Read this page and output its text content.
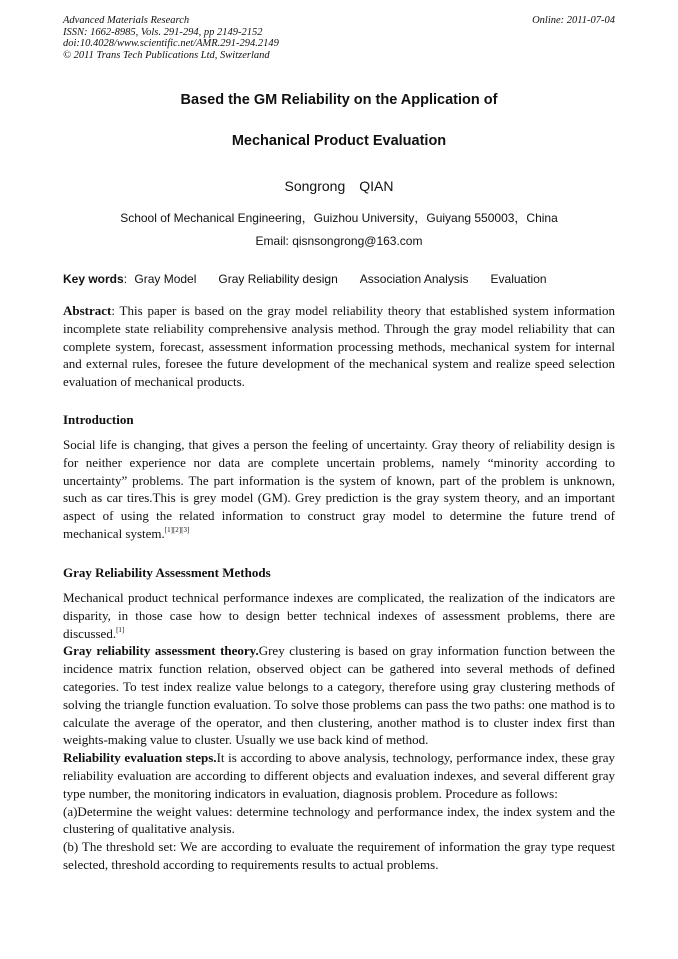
Advanced Materials Research
ISSN: 1662-8985, Vols. 291-294, pp 2149-2152
doi:10.4028/www.scientific.net/AMR.291-294.2149
© 2011 Trans Tech Publications Ltd, Switzerland
Online: 2011-07-04
Based the GM Reliability on the Application of
Mechanical Product Evaluation
Songrong　QIAN
School of Mechanical Engineering，Guizhou University，Guiyang 550003，China
Email: qisnsongrong@163.com
Key words: Gray Model Gray Reliability design Association Analysis Evaluation

Abstract: This paper is based on the gray model reliability theory that established system information incomplete state reliability comprehensive analysis method. Through the gray model reliability that can complete system, forecast, assessment information processing methods, mechanical system for internal and external rules, foresee the future development of the mechanical system and realize speed selection evaluation of mechanical products.

Introduction

Social life is changing, that gives a person the feeling of uncertainty. Gray theory of reliability design is for neither experience nor data are complete uncertain problems, namely “minority according to uncertainty” problems. The part information is the system of known, part of the problem is unknown, such as car tires.This is grey model (GM). Grey prediction is the gray system theory, and an important aspect of using the related information to construct gray model to determine the future trend of mechanical system.[1][2][3]

Gray Reliability Assessment Methods

Mechanical product technical performance indexes are complicated, the realization of the indicators are disparity, in those case how to design better technical indexes of assessment problems, there are discussed.[1]

Gray reliability assessment theory.Grey clustering is based on gray information function between the incidence matrix function relation, observed object can be gathered into several methods of defined categories. To test index realize value belongs to a category, therefore using gray clustering methods of solving the triangle function evaluation. To solve those problems can pass the two paths: one mathod is to calculate the average of the operator, and then clustering, another mathod is to cluster index first than weights-making value to cluster. Usually we use back kind of method.

Reliability evaluation steps.It is according to above analysis, technology, performance index, these gray reliability evaluation are according to different objects and evaluation indexes, and several different gray type number, the monitoring indicators in evaluation, diagnosis problem. Procedure as follows:

(a)Determine the weight values: determine technology and performance index, the index system and the clustering of qualitative analysis.

(b) The threshold set: We are according to evaluate the requirement of information the gray type request selected, threshold according to requirements results to actual problems.
